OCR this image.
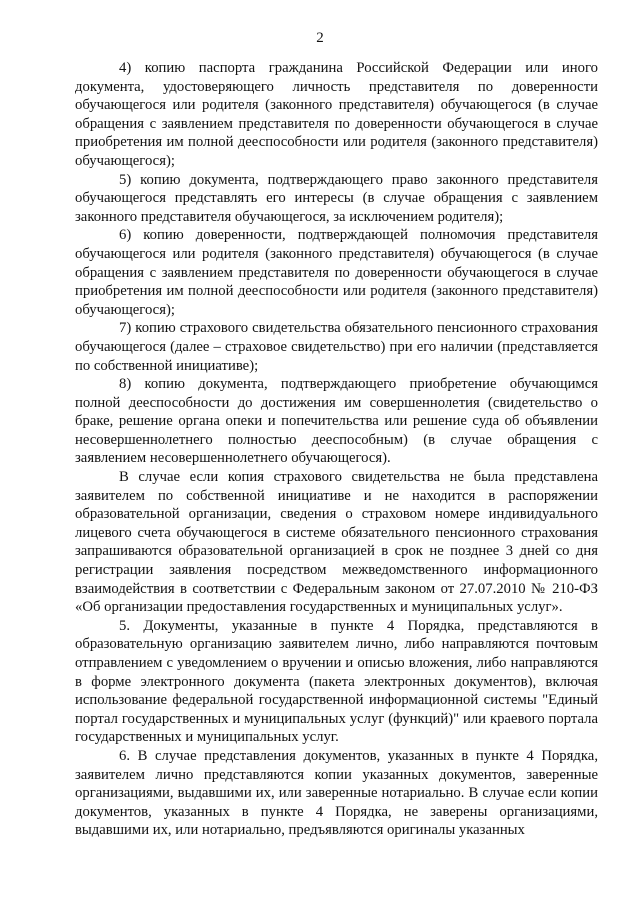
2

4) копию паспорта гражданина Российской Федерации или иного документа, удостоверяющего личность представителя по доверенности обучающегося или родителя (законного представителя) обучающегося (в случае обращения с заявлением представителя по доверенности обучающегося в случае приобретения им полной дееспособности или родителя (законного представителя) обучающегося);

5) копию документа, подтверждающего право законного представителя обучающегося представлять его интересы (в случае обращения с заявлением законного представителя обучающегося, за исключением родителя);

6) копию доверенности, подтверждающей полномочия представителя обучающегося или родителя (законного представителя) обучающегося (в случае обращения с заявлением представителя по доверенности обучающегося в случае приобретения им полной дееспособности или родителя (законного представителя) обучающегося);

7) копию страхового свидетельства обязательного пенсионного страхования обучающегося (далее – страховое свидетельство) при его наличии (представляется по собственной инициативе);

8) копию документа, подтверждающего приобретение обучающимся полной дееспособности до достижения им совершеннолетия (свидетельство о браке, решение органа опеки и попечительства или решение суда об объявлении несовершеннолетнего полностью дееспособным) (в случае обращения с заявлением несовершеннолетнего обучающегося).

В случае если копия страхового свидетельства не была представлена заявителем по собственной инициативе и не находится в распоряжении образовательной организации, сведения о страховом номере индивидуального лицевого счета обучающегося в системе обязательного пенсионного страхования запрашиваются образовательной организацией в срок не позднее 3 дней со дня регистрации заявления посредством межведомственного информационного взаимодействия в соответствии с Федеральным законом от 27.07.2010 № 210-ФЗ «Об организации предоставления государственных и муниципальных услуг».

5. Документы, указанные в пункте 4 Порядка, представляются в образовательную организацию заявителем лично, либо направляются почтовым отправлением с уведомлением о вручении и описью вложения, либо направляются в форме электронного документа (пакета электронных документов), включая использование федеральной государственной информационной системы "Единый портал государственных и муниципальных услуг (функций)" или краевого портала государственных и муниципальных услуг.

6. В случае представления документов, указанных в пункте 4 Порядка, заявителем лично представляются копии указанных документов, заверенные организациями, выдавшими их, или заверенные нотариально. В случае если копии документов, указанных в пункте 4 Порядка, не заверены организациями, выдавшими их, или нотариально, предъявляются оригиналы указанных
